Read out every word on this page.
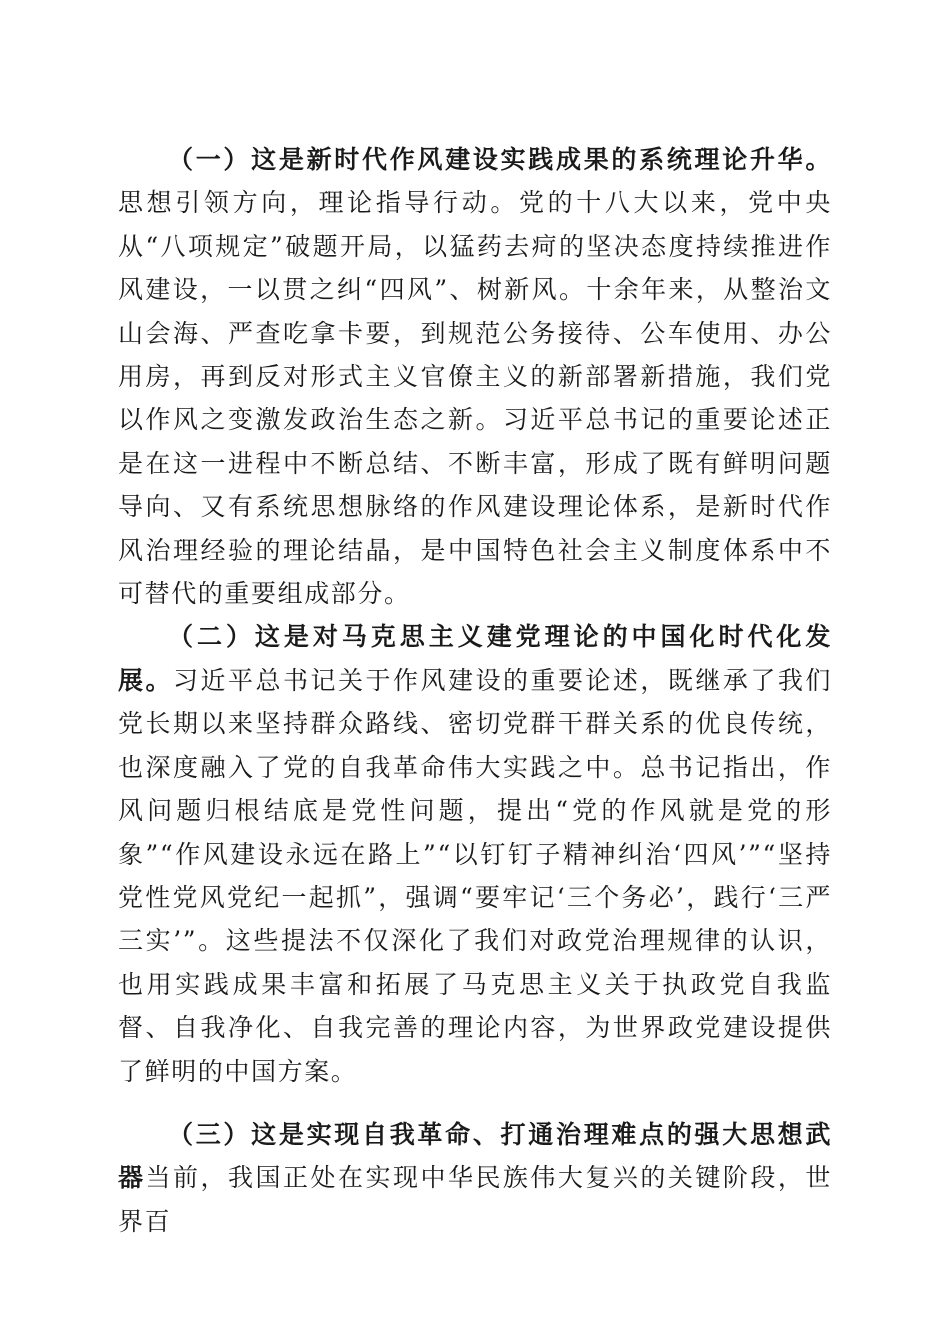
（一）这是新时代作风建设实践成果的系统理论升华。思想引领方向，理论指导行动。党的十八大以来，党中央从“八项规定”破题开局，以猛药去疴的坚决态度持续推进作风建设，一以贯之纠“四风”、树新风。十余年来，从整治文山会海、严查吃拿卡要，到规范公务接待、公车使用、办公用房，再到反对形式主义官僚主义的新部署新措施，我们党以作风之变激发政治生态之新。习近平总书记的重要论述正是在这一进程中不断总结、不断丰富，形成了既有鲜明问题导向、又有系统思想脉络的作风建设理论体系，是新时代作风治理经验的理论结晶，是中国特色社会主义制度体系中不可替代的重要组成部分。

（二）这是对马克思主义建党理论的中国化时代化发展。习近平总书记关于作风建设的重要论述，既继承了我们党长期以来坚持群众路线、密切党群干群关系的优良传统，也深度融入了党的自我革命伟大实践之中。总书记指出，作风问题归根结底是党性问题，提出“党的作风就是党的形象”“作风建设永远在路上”“以钉钉子精神纠治‘四风’”“坚持党性党风党纪一起抓”，强调“要牢记‘三个务必’，践行‘三严三实’”。这些提法不仅深化了我们对政党治理规律的认识，也用实践成果丰富和拓展了马克思主义关于执政党自我监督、自我净化、自我完善的理论内容，为世界政党建设提供了鲜明的中国方案。

（三）这是实现自我革命、打通治理难点的强大思想武器当前，我国正处在实现中华民族伟大复兴的关键阶段，世界百
